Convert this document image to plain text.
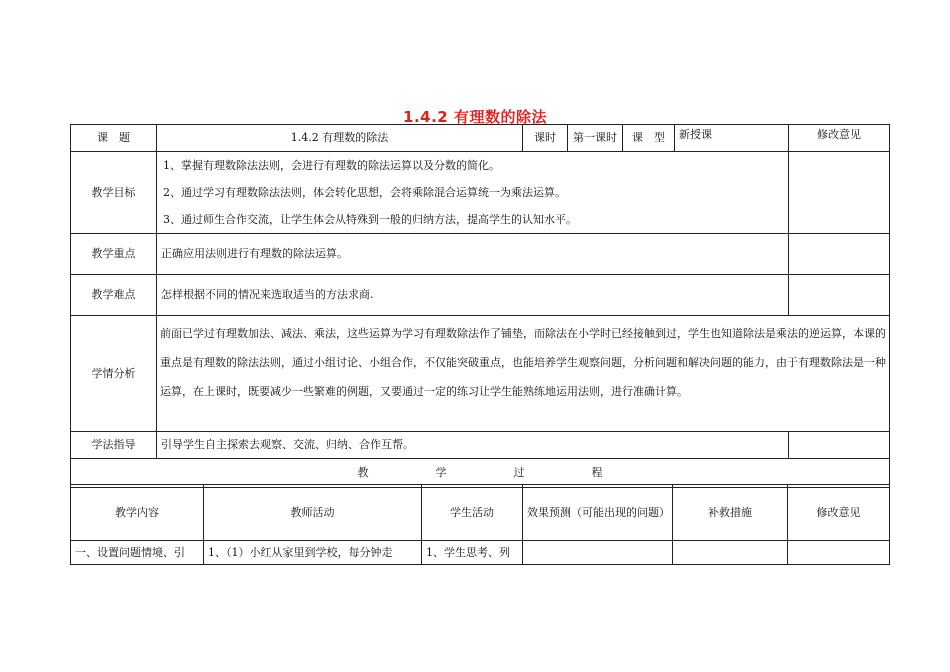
1.4.2 有理数的除法
课　题	1.4.2 有理数的除法	课时	第一课时	课　型	新授课	修改意见
教学目标	1、掌握有理数除法法则，会进行有理数的除法运算以及分数的简化。
2、通过学习有理数除法法则，体会转化思想，会将乘除混合运算统一为乘法运算。
3、通过师生合作交流，让学生体会从特殊到一般的归纳方法，提高学生的认知水平。					

教学重点	正确应用法则进行有理数的除法运算。					
教学难点	怎样根据不同的情况来选取适当的方法求商.					
学情分析	前面已学过有理数加法、减法、乘法，这些运算为学习有理数除法作了铺垫，而除法在小学时已经接触到过，学生也知道除法是乘法的逆运算，本课的重点是有理数的除法法则，通过小组讨论、小组合作，不仅能突破重点，也能培养学生观察问题，分析问题和解决问题的能力，由于有理数除法是一种运算，在上课时，既要减少一些繁难的例题，又要通过一定的练习让学生能熟练地运用法则，进行准确计算。					
学法指导	引导学生自主探索去观察、交流、归纳、合作互帮。					
教　学　过　程						
教学内容	教师活动	学生活动	效果预测（可能出现的问题）	补救措施	修改意见
一、设置问题情境、引	1、（1）小红从家里到学校，每分钟走	1、学生思考、列			
